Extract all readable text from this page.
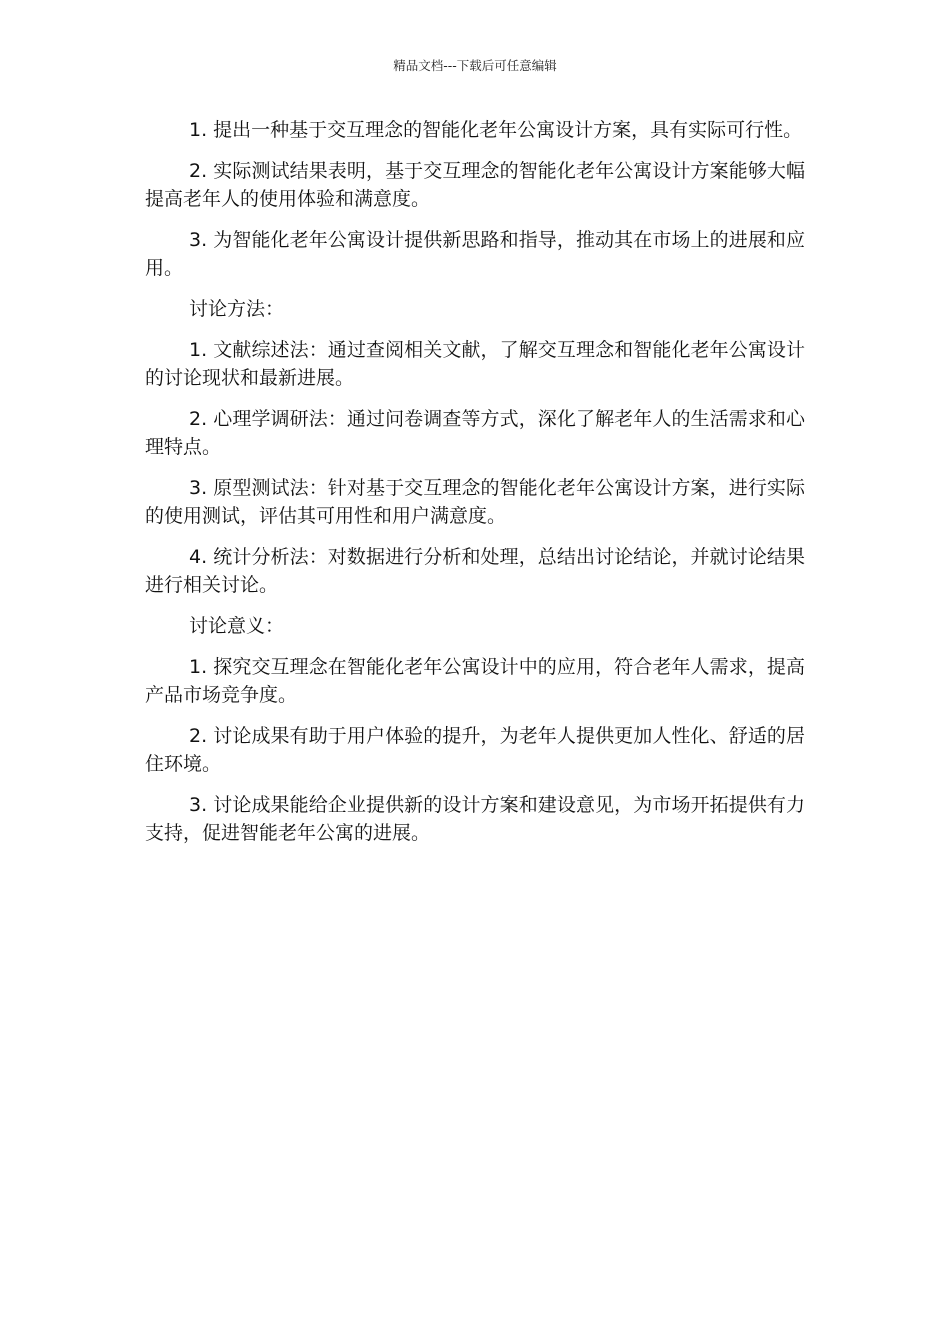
精品文档---下载后可任意编辑

1. 提出一种基于交互理念的智能化老年公寓设计方案，具有实际可行性。

2. 实际测试结果表明，基于交互理念的智能化老年公寓设计方案能够大幅提高老年人的使用体验和满意度。

3. 为智能化老年公寓设计提供新思路和指导，推动其在市场上的进展和应用。

讨论方法：

1. 文献综述法：通过查阅相关文献，了解交互理念和智能化老年公寓设计的讨论现状和最新进展。

2. 心理学调研法：通过问卷调查等方式，深化了解老年人的生活需求和心理特点。

3. 原型测试法：针对基于交互理念的智能化老年公寓设计方案，进行实际的使用测试，评估其可用性和用户满意度。

4. 统计分析法：对数据进行分析和处理，总结出讨论结论，并就讨论结果进行相关讨论。

讨论意义：

1. 探究交互理念在智能化老年公寓设计中的应用，符合老年人需求，提高产品市场竞争度。

2. 讨论成果有助于用户体验的提升，为老年人提供更加人性化、舒适的居住环境。

3. 讨论成果能给企业提供新的设计方案和建设意见，为市场开拓提供有力支持，促进智能老年公寓的进展。
